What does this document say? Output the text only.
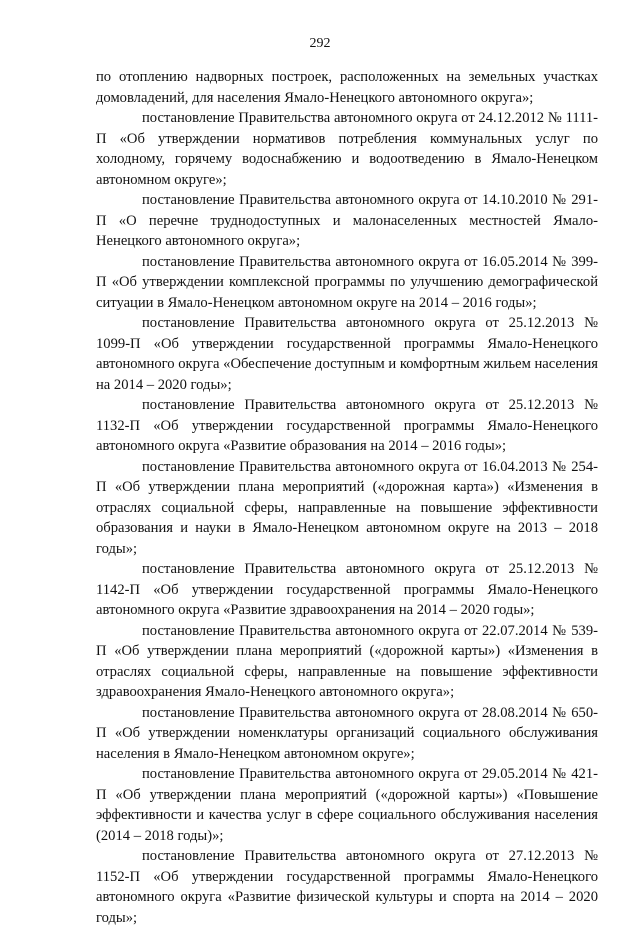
292

по отоплению надворных построек, расположенных на земельных участках домовладений, для населения Ямало-Ненецкого автономного округа»;

постановление Правительства автономного округа от 24.12.2012 № 1111-П «Об утверждении нормативов потребления коммунальных услуг по холодному, горячему водоснабжению и водоотведению в Ямало-Ненецком автономном округе»;

постановление Правительства автономного округа от 14.10.2010 № 291-П «О перечне труднодоступных и малонаселенных местностей Ямало-Ненецкого автономного округа»;

постановление Правительства автономного округа от 16.05.2014 № 399-П «Об утверждении комплексной программы по улучшению демографической ситуации в Ямало-Ненецком автономном округе на 2014 – 2016 годы»;

постановление Правительства автономного округа от 25.12.2013 № 1099-П «Об утверждении государственной программы Ямало-Ненецкого автономного округа «Обеспечение доступным и комфортным жильем населения на 2014 – 2020 годы»;

постановление Правительства автономного округа от 25.12.2013 № 1132-П «Об утверждении государственной программы Ямало-Ненецкого автономного округа «Развитие образования на 2014 – 2016 годы»;

постановление Правительства автономного округа от 16.04.2013 № 254-П «Об утверждении плана мероприятий («дорожная карта») «Изменения в отраслях социальной сферы, направленные на повышение эффективности образования и науки в Ямало-Ненецком автономном округе на 2013 – 2018 годы»;

постановление Правительства автономного округа от 25.12.2013 № 1142-П «Об утверждении государственной программы Ямало-Ненецкого автономного округа «Развитие здравоохранения на 2014 – 2020 годы»;

постановление Правительства автономного округа от 22.07.2014 № 539-П «Об утверждении плана мероприятий («дорожной карты») «Изменения в отраслях социальной сферы, направленные на повышение эффективности здравоохранения Ямало-Ненецкого автономного округа»;

постановление Правительства автономного округа от 28.08.2014 № 650-П «Об утверждении номенклатуры организаций социального обслуживания населения в Ямало-Ненецком автономном округе»;

постановление Правительства автономного округа от 29.05.2014 № 421-П «Об утверждении плана мероприятий («дорожной карты») «Повышение эффективности и качества услуг в сфере социального обслуживания населения (2014 – 2018 годы)»;

постановление Правительства автономного округа от 27.12.2013 № 1152-П «Об утверждении государственной программы Ямало-Ненецкого автономного округа «Развитие физической культуры и спорта на 2014 – 2020 годы»;
